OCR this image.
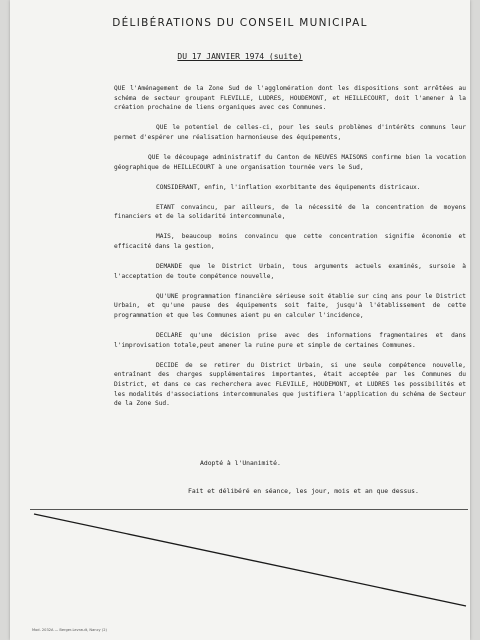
DÉLIBÉRATIONS DU CONSEIL MUNICIPAL
DU 17 JANVIER 1974 (suite)

QUE l'Aménagement de la Zone Sud de l'agglomération dont les dispositions sont arrêtées au schéma de secteur groupant FLEVILLE, LUDRES, HOUDEMONT, et HEILLECOURT, doit l'amener à la création prochaine de liens organiques avec ces Communes.

QUE le potentiel de celles-ci, pour les seuls problèmes d'intérêts communs leur permet d'espérer une réalisation harmonieuse des équipements,

QUE le découpage administratif du Canton de NEUVES MAISONS confirme bien la vocation géographique de HEILLECOURT à une organisation tournée vers le Sud,

CONSIDERANT, enfin, l'inflation exorbitante des équipements districaux.

ETANT convaincu, par ailleurs, de la nécessité de la concentration de moyens financiers et de la solidarité intercommunale,

MAIS, beaucoup moins convaincu que cette concentration signifie économie et efficacité dans la gestion,

DEMANDE que le District Urbain, tous arguments actuels examinés, sursoie à l'acceptation de toute compétence nouvelle,

QU'UNE programmation financière sérieuse soit établie sur cinq ans pour le District Urbain, et qu'une pause des équipements soit faite, jusqu'à l'établissement de cette programmation et que les Communes aient pu en calculer l'incidence,

DECLARE qu'une décision prise avec des informations fragmentaires et dans l'improvisation totale,peut amener la ruine pure et simple de certaines Communes.

DECIDE de se retirer du District Urbain, si une seule compétence nouvelle, entraînant des charges supplémentaires importantes, était acceptée par les Communes du District, et dans ce cas rechercherа avec FLEVILLE, HOUDEMONT, et LUDRES les possibilités et les modalités d'associations intercommunales que justifiera l'application du schéma de Secteur de la Zone Sud.

Adopté à l'Unanimité.
Fait et délibéré en séance, les jour, mois et an que dessus.
Mod. 2032A — Berger-Levrault, Nancy (2)
